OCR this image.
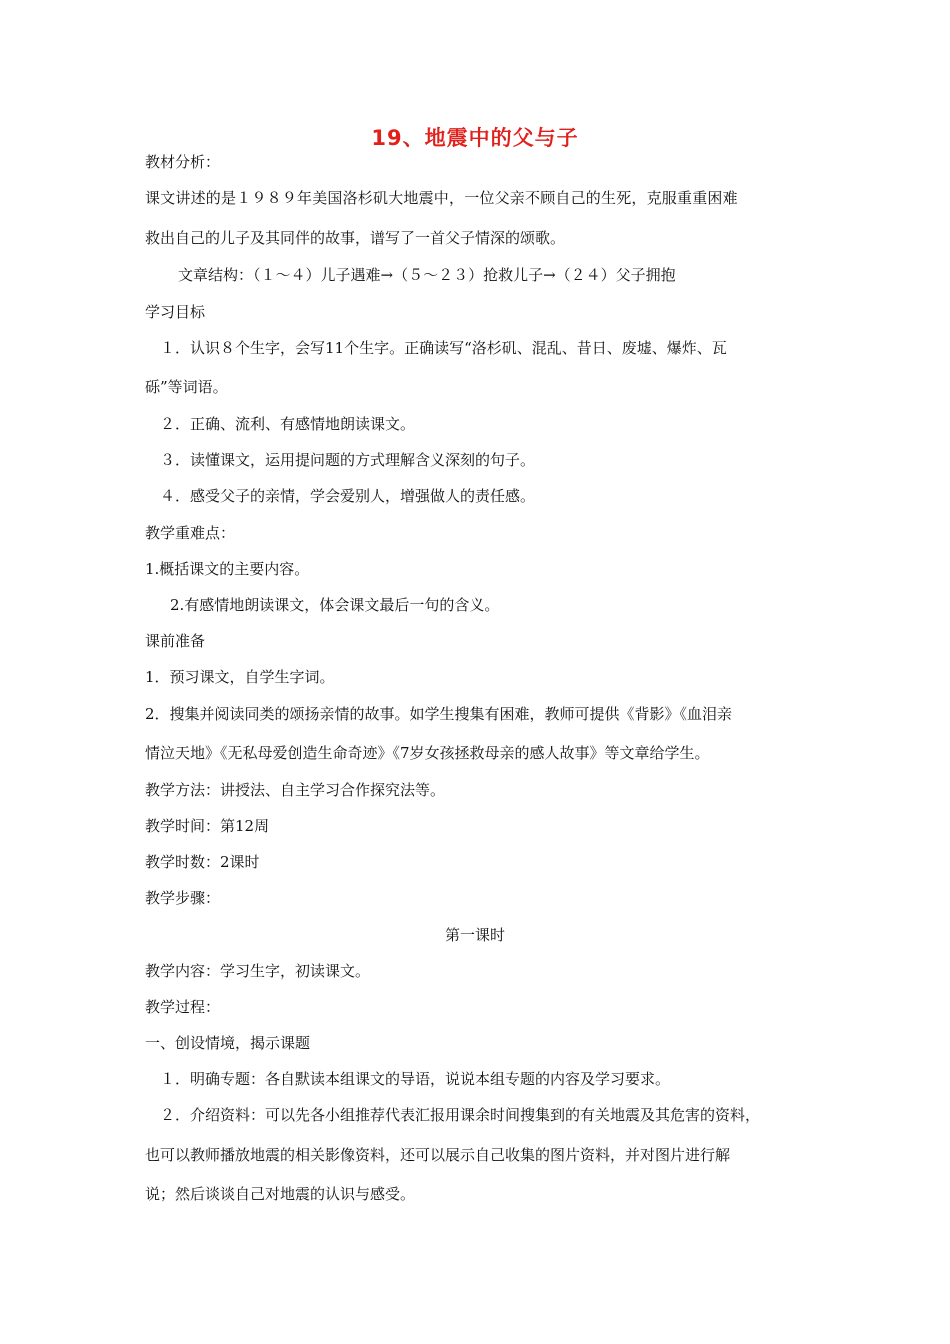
19、地震中的父与子
教材分析：
课文讲述的是１９８９年美国洛杉矶大地震中，一位父亲不顾自己的生死，克服重重困难
救出自己的儿子及其同伴的故事，谱写了一首父子情深的颂歌。
文章结构：（１～４）儿子遇难→（５～２３）抢救儿子→（２４）父子拥抱
学习目标
１．认识８个生字，会写11个生字。正确读写“洛杉矶、混乱、昔日、废墟、爆炸、瓦
砾”等词语。
２．正确、流利、有感情地朗读课文。
３．读懂课文，运用提问题的方式理解含义深刻的句子。
４．感受父子的亲情，学会爱别人，增强做人的责任感。
教学重难点：
1.概括课文的主要内容。
2.有感情地朗读课文，体会课文最后一句的含义。
课前准备
1．预习课文，自学生字词。
2．搜集并阅读同类的颂扬亲情的故事。如学生搜集有困难，教师可提供《背影》《血泪亲
情泣天地》《无私母爱创造生命奇迹》《7岁女孩拯救母亲的感人故事》等文章给学生。
教学方法：讲授法、自主学习合作探究法等。
教学时间：第12周
教学时数：2课时
教学步骤：
第一课时
教学内容：学习生字，初读课文。
教学过程：
一、创设情境，揭示课题
１．明确专题：各自默读本组课文的导语，说说本组专题的内容及学习要求。
２．介绍资料：可以先各小组推荐代表汇报用课余时间搜集到的有关地震及其危害的资料，
也可以教师播放地震的相关影像资料，还可以展示自己收集的图片资料，并对图片进行解
说；然后谈谈自己对地震的认识与感受。
